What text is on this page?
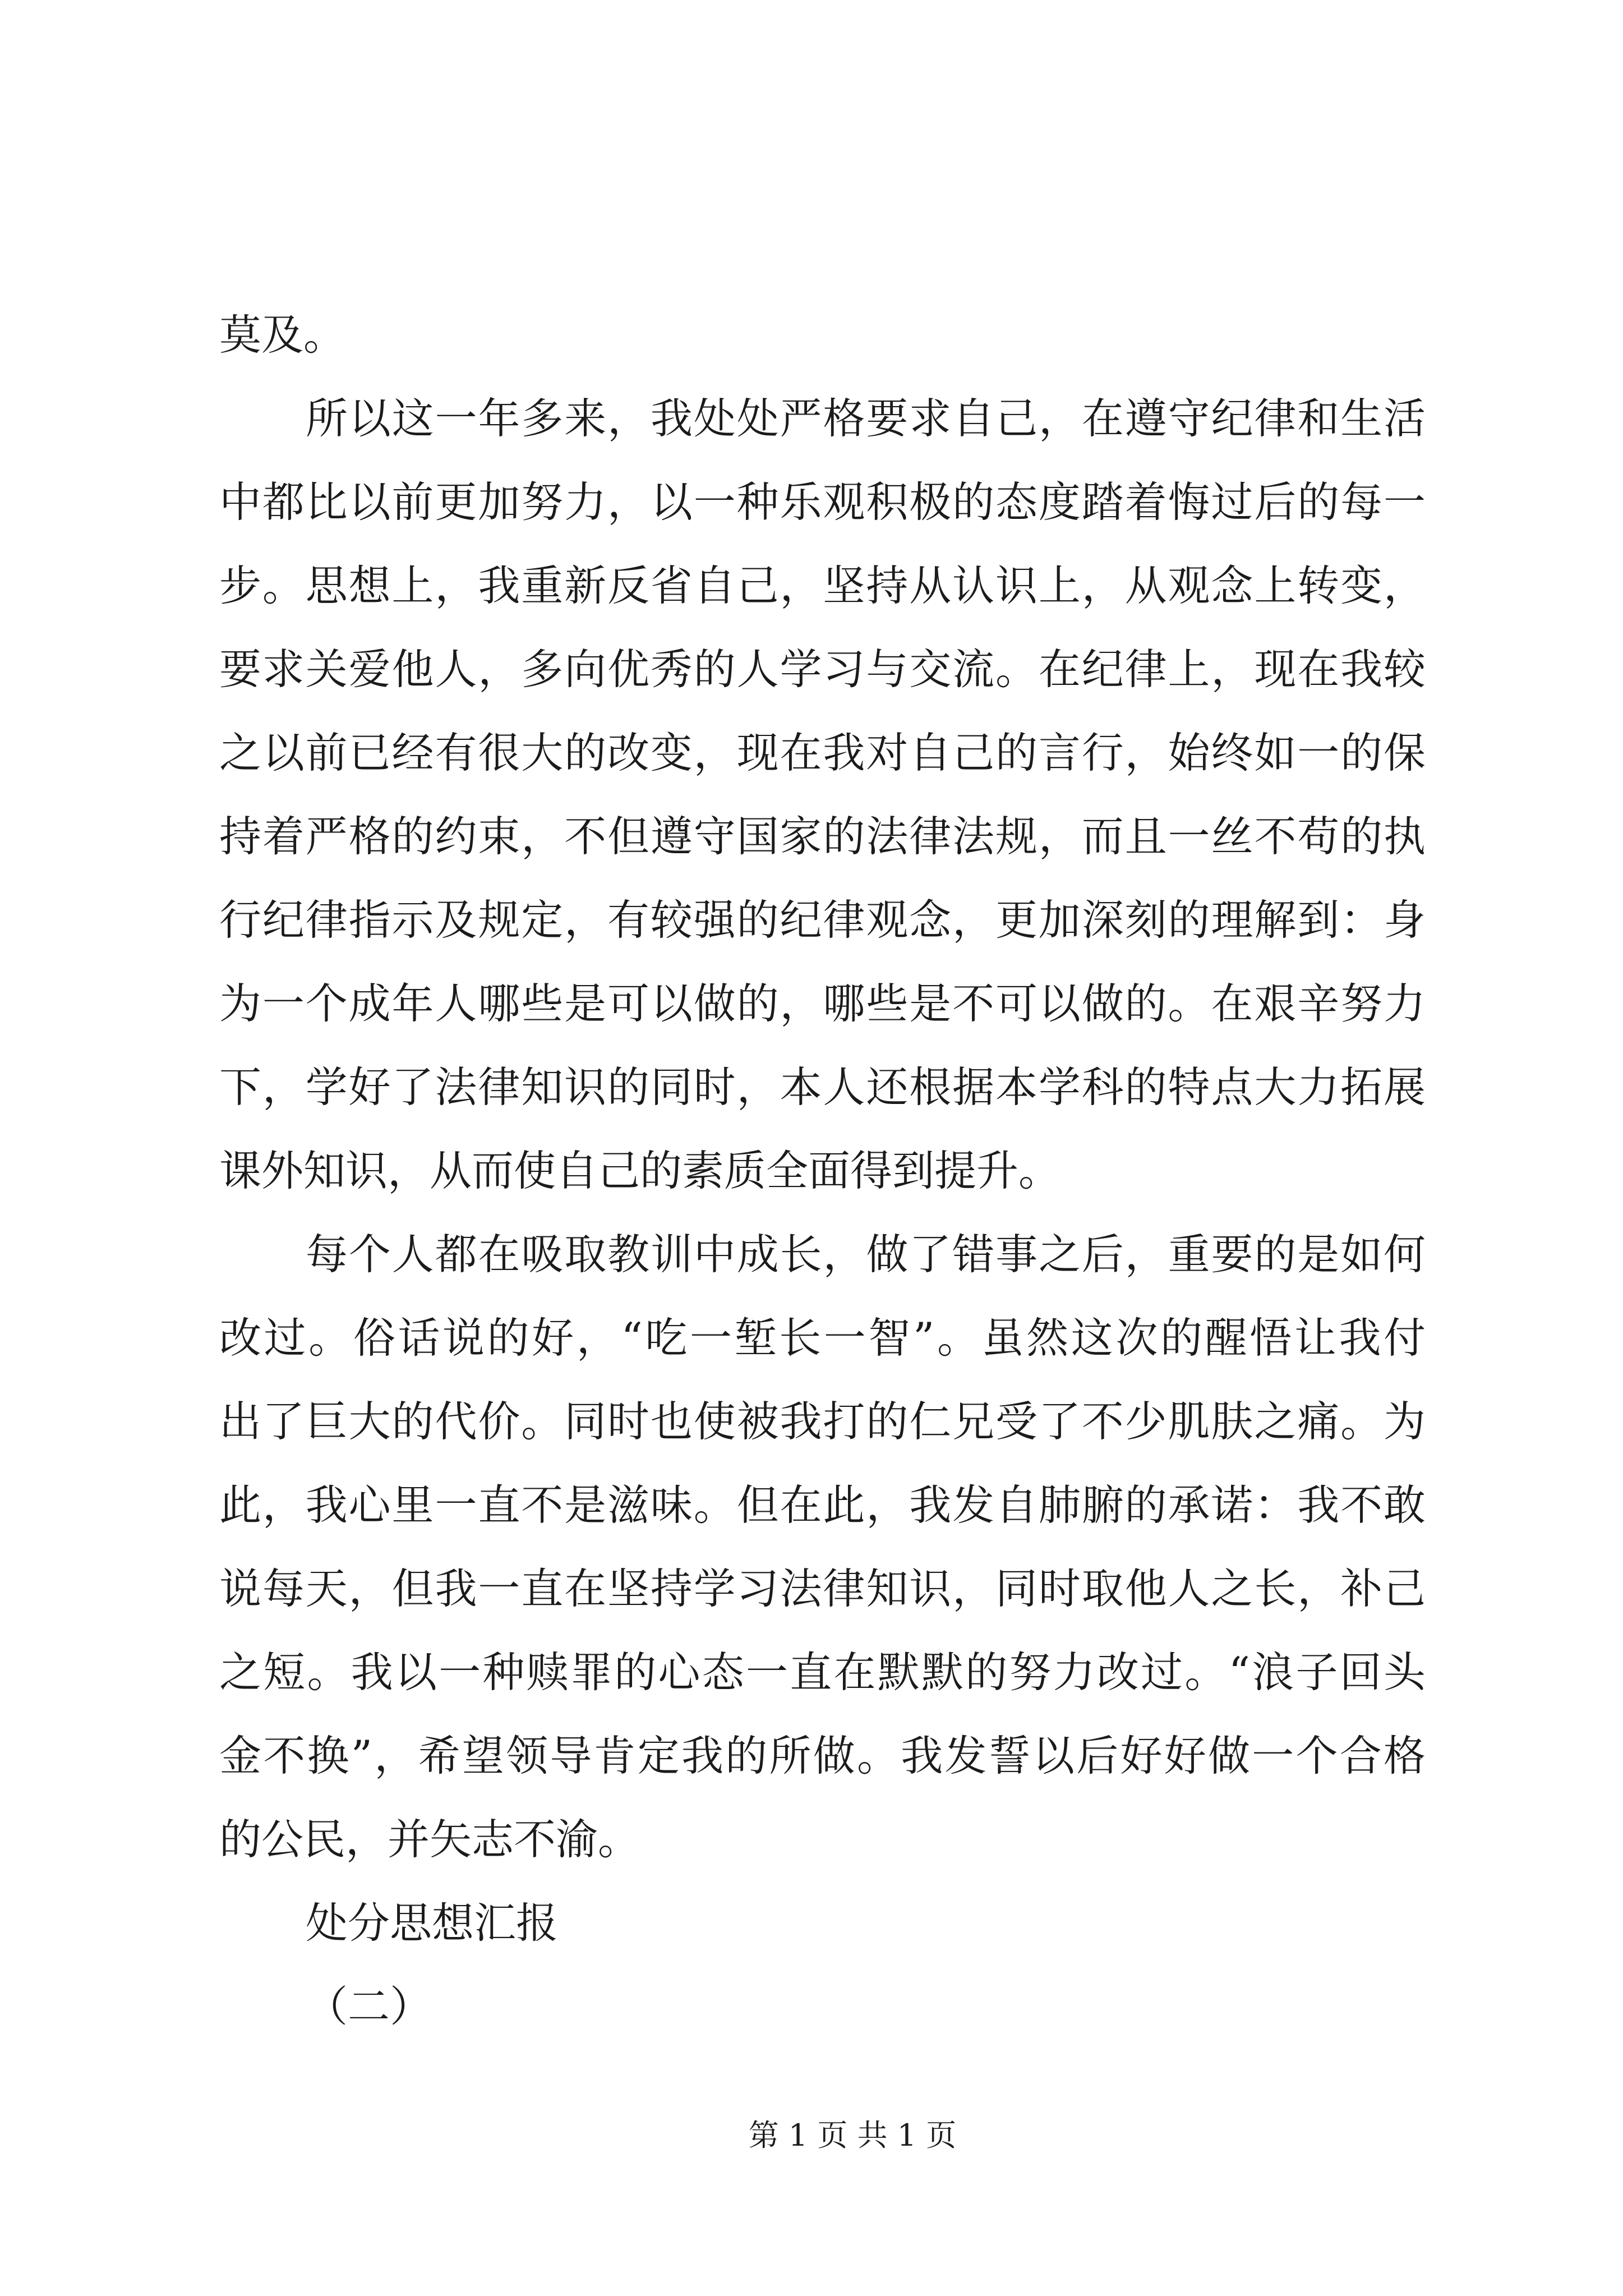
莫及。
所以这一年多来，我处处严格要求自己，在遵守纪律和生活
中都比以前更加努力，以一种乐观积极的态度踏着悔过后的每一
步。思想上，我重新反省自己，坚持从认识上，从观念上转变，
要求关爱他人，多向优秀的人学习与交流。在纪律上，现在我较
之以前已经有很大的改变，现在我对自己的言行，始终如一的保
持着严格的约束，不但遵守国家的法律法规，而且一丝不苟的执
行纪律指示及规定，有较强的纪律观念，更加深刻的理解到：身
为一个成年人哪些是可以做的，哪些是不可以做的。在艰辛努力
下，学好了法律知识的同时，本人还根据本学科的特点大力拓展
课外知识，从而使自己的素质全面得到提升。
每个人都在吸取教训中成长，做了错事之后，重要的是如何
改过。俗话说的好，“吃一堑长一智”。虽然这次的醒悟让我付
出了巨大的代价。同时也使被我打的仁兄受了不少肌肤之痛。为
此，我心里一直不是滋味。但在此，我发自肺腑的承诺：我不敢
说每天，但我一直在坚持学习法律知识，同时取他人之长，补己
之短。我以一种赎罪的心态一直在默默的努力改过。“浪子回头
金不换”，希望领导肯定我的所做。我发誓以后好好做一个合格
的公民，并矢志不渝。
处分思想汇报
（二）
第 1 页 共 1 页
